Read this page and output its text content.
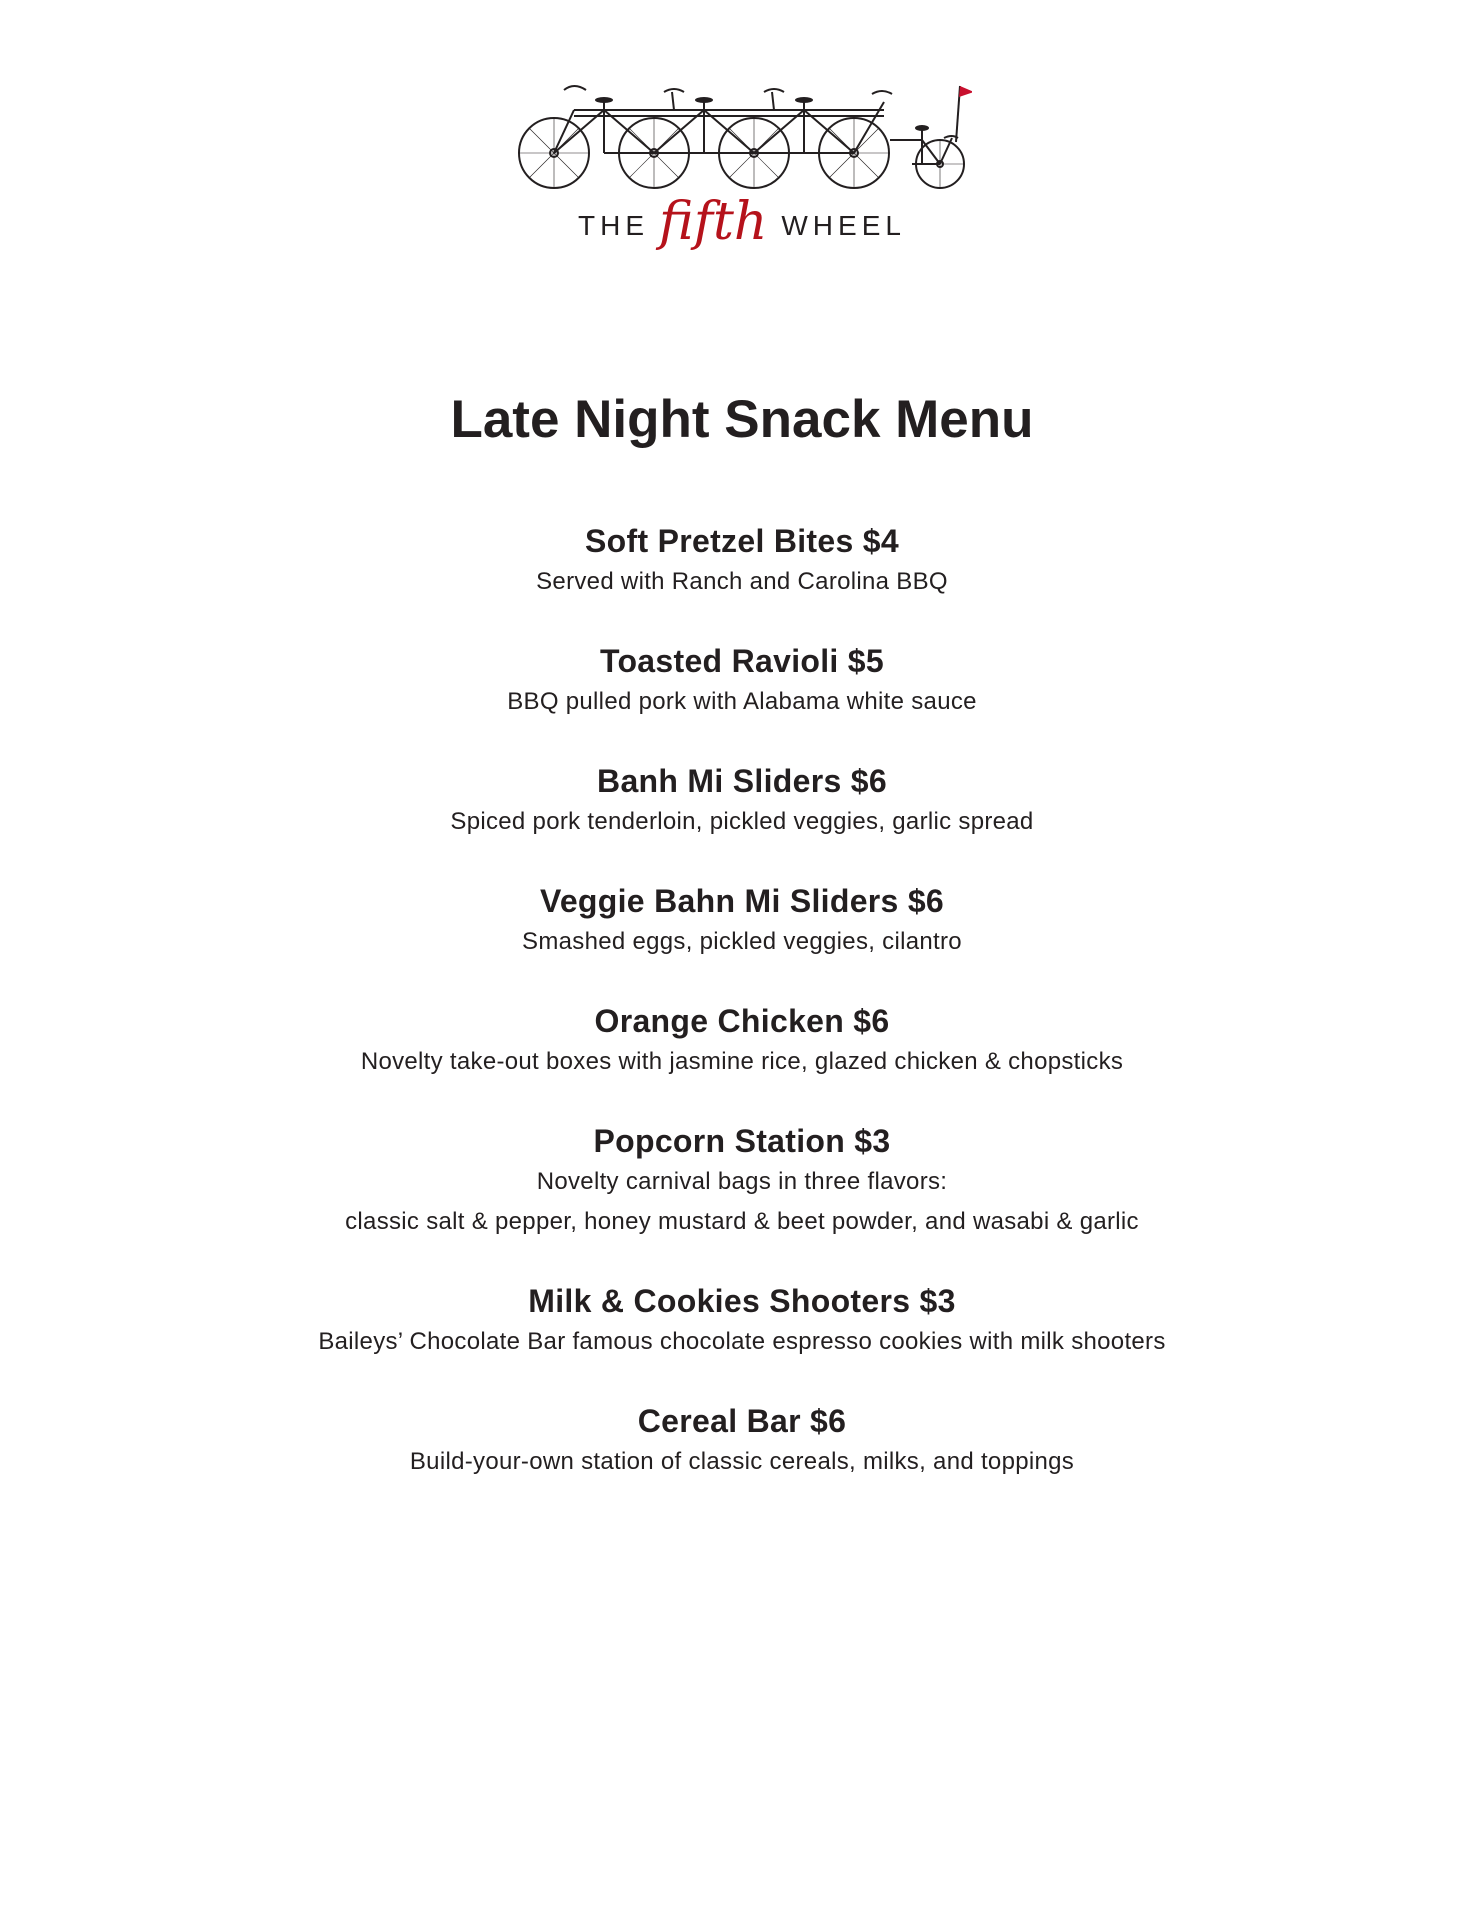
THE fifth WHEEL
Late Night Snack Menu
Soft Pretzel Bites $4
Served with Ranch and Carolina BBQ
Toasted Ravioli $5
BBQ pulled pork with Alabama white sauce
Banh Mi Sliders $6
Spiced pork tenderloin, pickled veggies, garlic spread
Veggie Bahn Mi Sliders $6
Smashed eggs, pickled veggies, cilantro
Orange Chicken $6
Novelty take-out boxes with jasmine rice, glazed chicken & chopsticks
Popcorn Station $3
Novelty carnival bags in three flavors:
classic salt & pepper, honey mustard & beet powder, and wasabi & garlic
Milk & Cookies Shooters $3
Baileys’ Chocolate Bar famous chocolate espresso cookies with milk shooters
Cereal Bar $6
Build-your-own station of classic cereals, milks, and toppings
